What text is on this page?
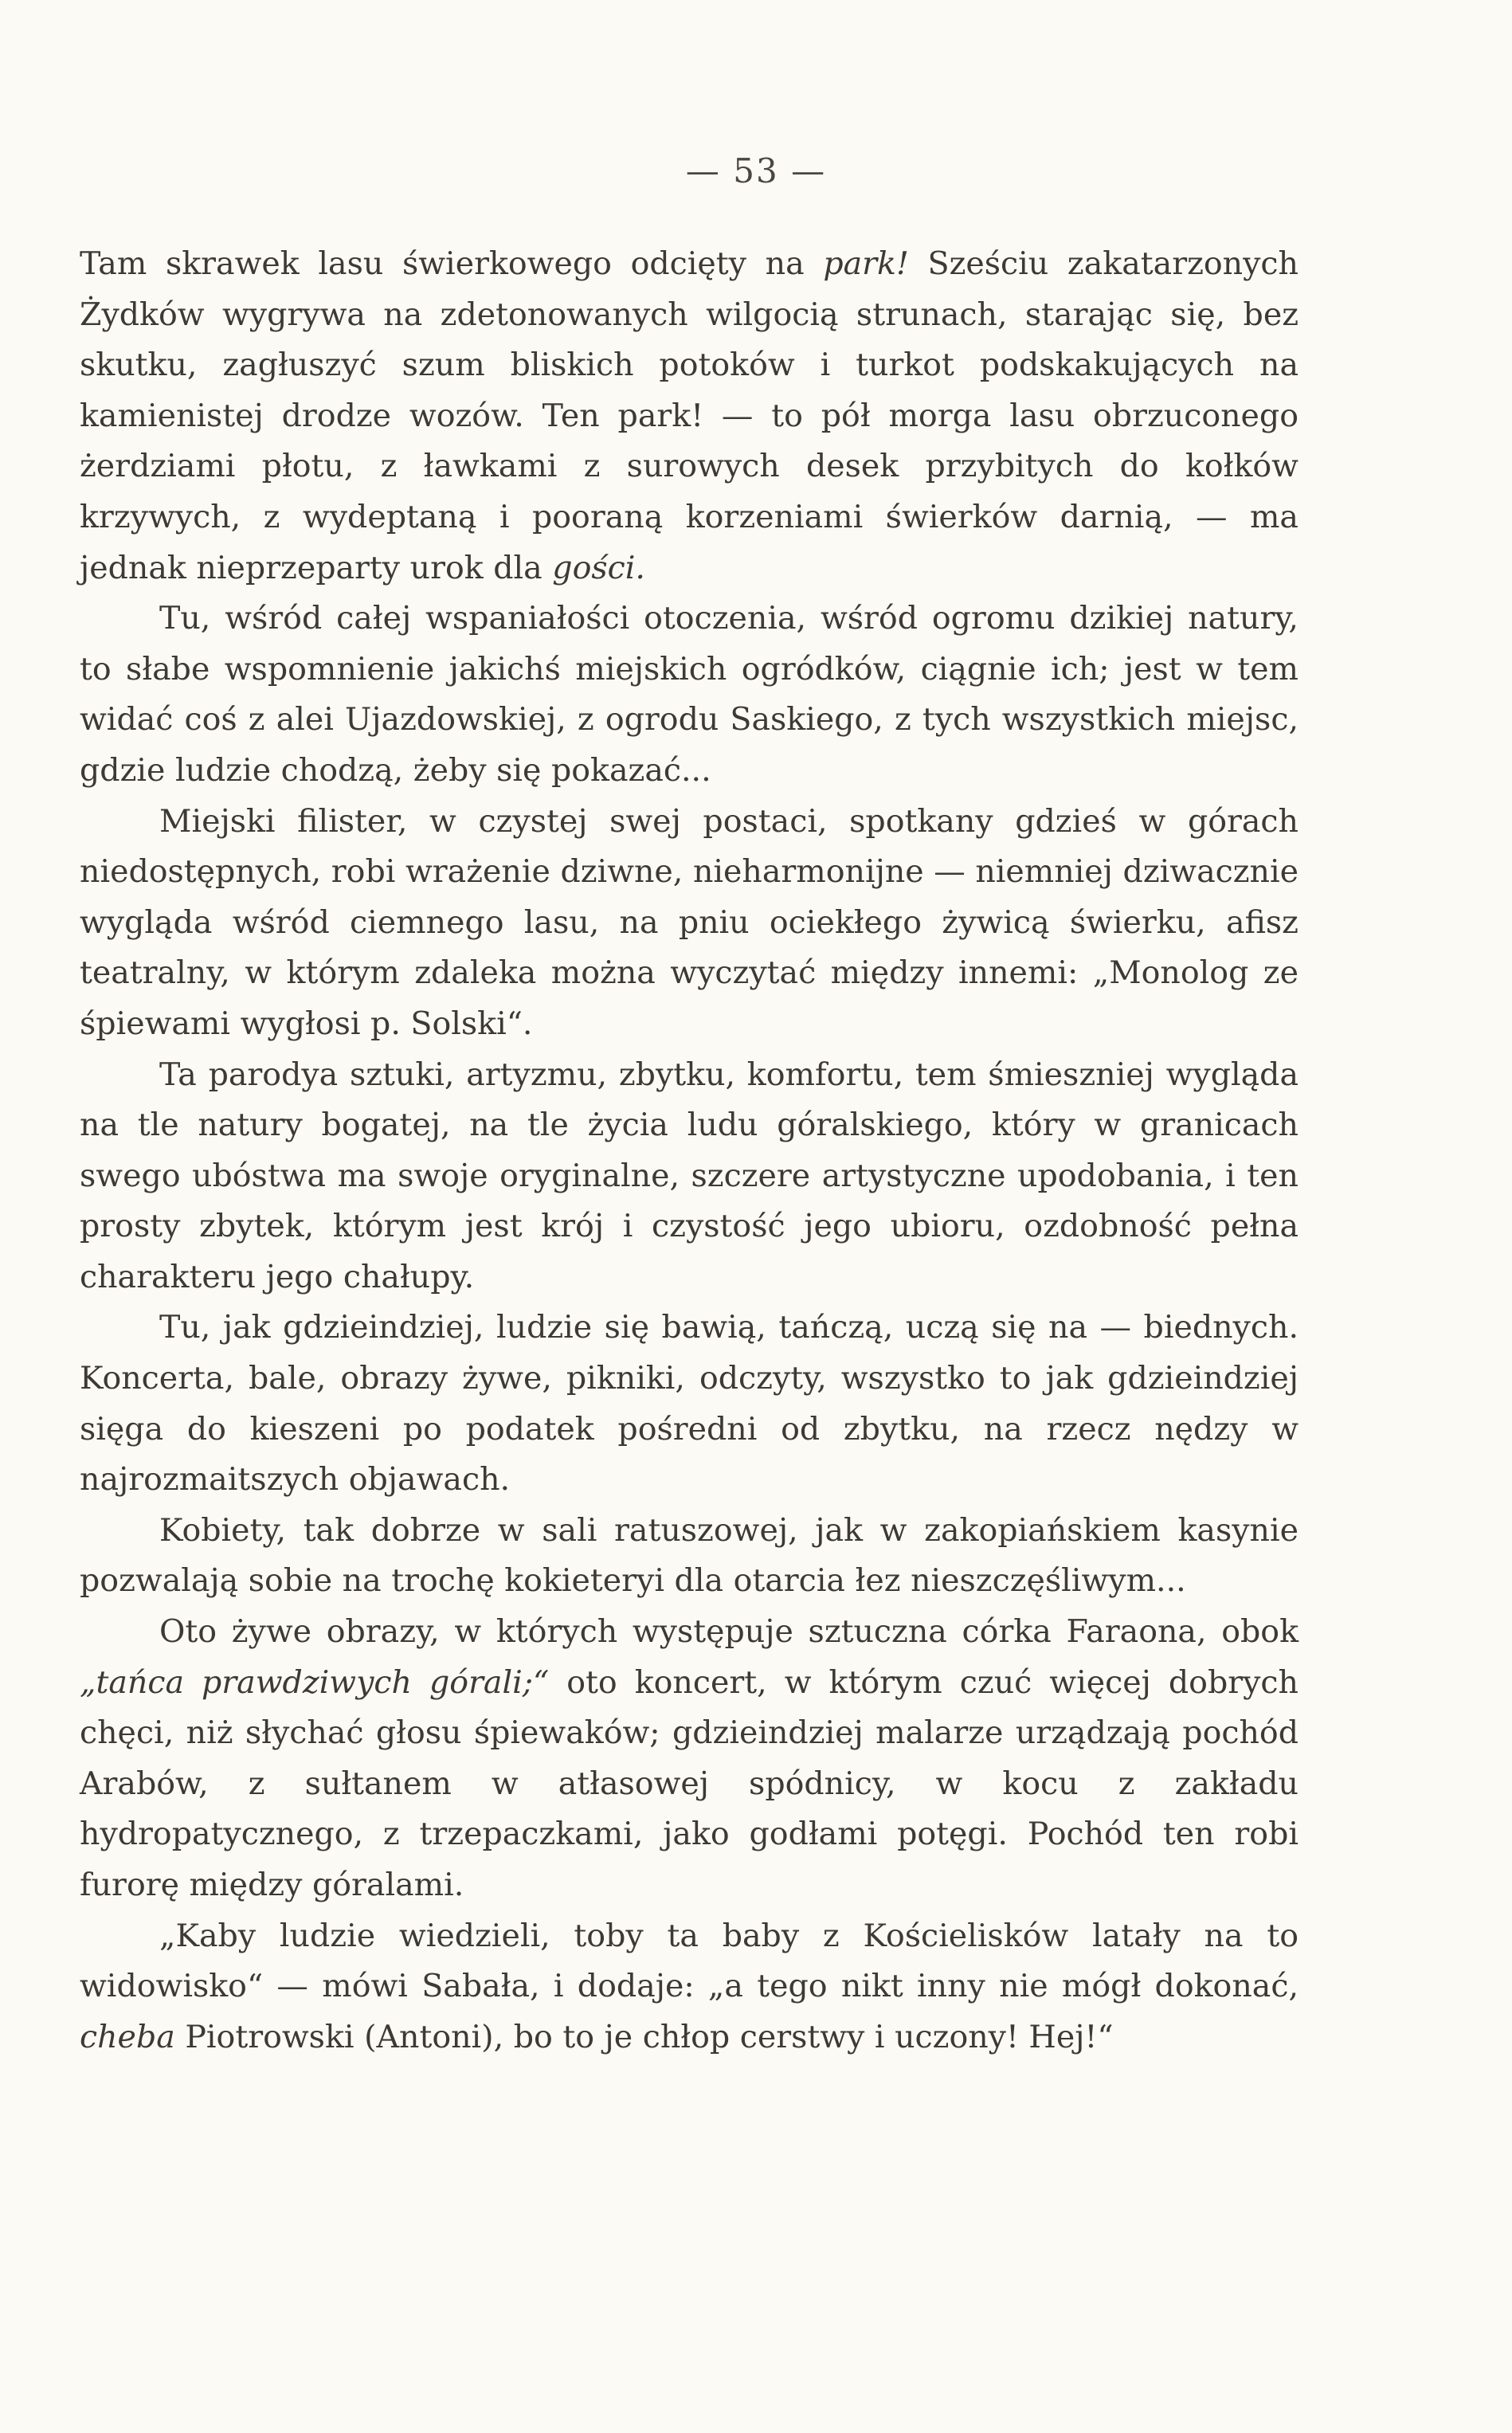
— 53 —

Tam skrawek lasu świerkowego odcięty na park! Sześciu zakatarzonych Żydków wygrywa na zdetonowanych wilgocią strunach, starając się, bez skutku, zagłuszyć szum bliskich potoków i turkot podskakujących na kamienistej drodze wozów. Ten park! — to pół morga lasu obrzuconego żerdziami płotu, z ławkami z surowych desek przybitych do kołków krzywych, z wydeptaną i pooraną korzeniami świerków darnią, — ma jednak nieprzeparty urok dla gości.

Tu, wśród całej wspaniałości otoczenia, wśród ogromu dzikiej natury, to słabe wspomnienie jakichś miejskich ogródków, ciągnie ich; jest w tem widać coś z alei Ujazdowskiej, z ogrodu Saskiego, z tych wszystkich miejsc, gdzie ludzie chodzą, żeby się pokazać...

Miejski filister, w czystej swej postaci, spotkany gdzieś w górach niedostępnych, robi wrażenie dziwne, nieharmonijne — niemniej dziwacznie wygląda wśród ciemnego lasu, na pniu ociekłego żywicą świerku, afisz teatralny, w którym zdaleka można wyczytać między innemi: „Monolog ze śpiewami wygłosi p. Solski“.

Ta parodya sztuki, artyzmu, zbytku, komfortu, tem śmieszniej wygląda na tle natury bogatej, na tle życia ludu góralskiego, który w granicach swego ubóstwa ma swoje oryginalne, szczere artystyczne upodobania, i ten prosty zbytek, którym jest krój i czystość jego ubioru, ozdobność pełna charakteru jego chałupy.

Tu, jak gdzieindziej, ludzie się bawią, tańczą, uczą się na — biednych. Koncerta, bale, obrazy żywe, pikniki, odczyty, wszystko to jak gdzieindziej sięga do kieszeni po podatek pośredni od zbytku, na rzecz nędzy w najrozmaitszych objawach.

Kobiety, tak dobrze w sali ratuszowej, jak w zakopiańskiem kasynie pozwalają sobie na trochę kokieteryi dla otarcia łez nieszczęśliwym...

Oto żywe obrazy, w których występuje sztuczna córka Faraona, obok „tańca prawdziwych górali;“ oto koncert, w którym czuć więcej dobrych chęci, niż słychać głosu śpiewaków; gdzieindziej malarze urządzają pochód Arabów, z sułtanem w atłasowej spódnicy, w kocu z zakładu hydropatycznego, z trzepaczkami, jako godłami potęgi. Pochód ten robi furorę między góralami.

„Kaby ludzie wiedzieli, toby ta baby z Kościelisków latały na to widowisko“ — mówi Sabała, i dodaje: „a tego nikt inny nie mógł dokonać, cheba Piotrowski (Antoni), bo to je chłop cerstwy i uczony! Hej!“
